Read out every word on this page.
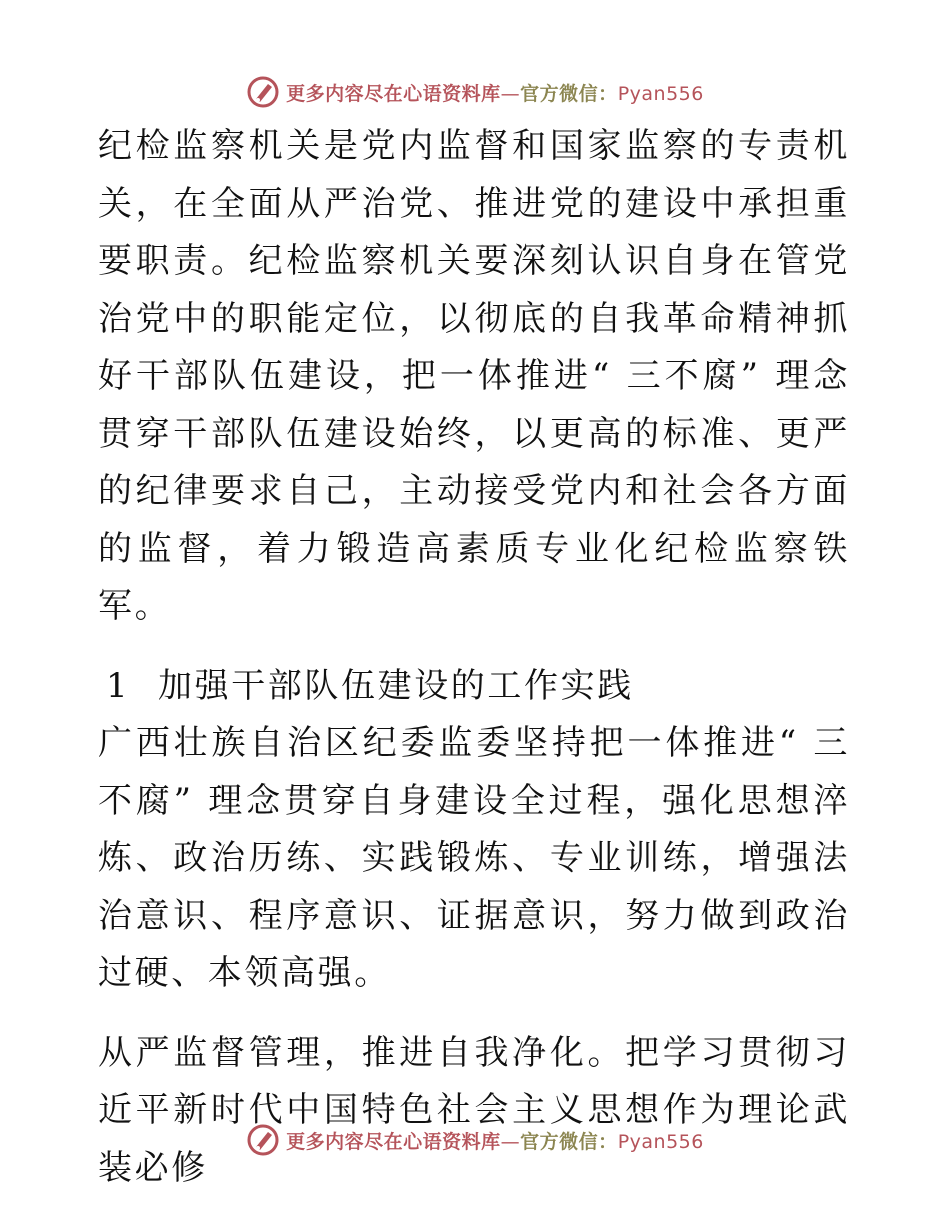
更多内容尽在心语资料库—官方微信：Pyan556

纪检监察机关是党内监督和国家监察的专责机关，在全面从严治党、推进党的建设中承担重要职责。纪检监察机关要深刻认识自身在管党治党中的职能定位，以彻底的自我革命精神抓好干部队伍建设，把一体推进“ 三不腐” 理念贯穿干部队伍建设始终，以更高的标准、更严的纪律要求自己，主动接受党内和社会各方面的监督，着力锻造高素质专业化纪检监察铁军。

1 加强干部队伍建设的工作实践

广西壮族自治区纪委监委坚持把一体推进“ 三不腐” 理念贯穿自身建设全过程，强化思想淬炼、政治历练、实践锻炼、专业训练，增强法治意识、程序意识、证据意识，努力做到政治过硬、本领高强。

从严监督管理，推进自我净化。把学习贯彻习近平新时代中国特色社会主义思想作为理论武装必修

更多内容尽在心语资料库—官方微信：Pyan556
